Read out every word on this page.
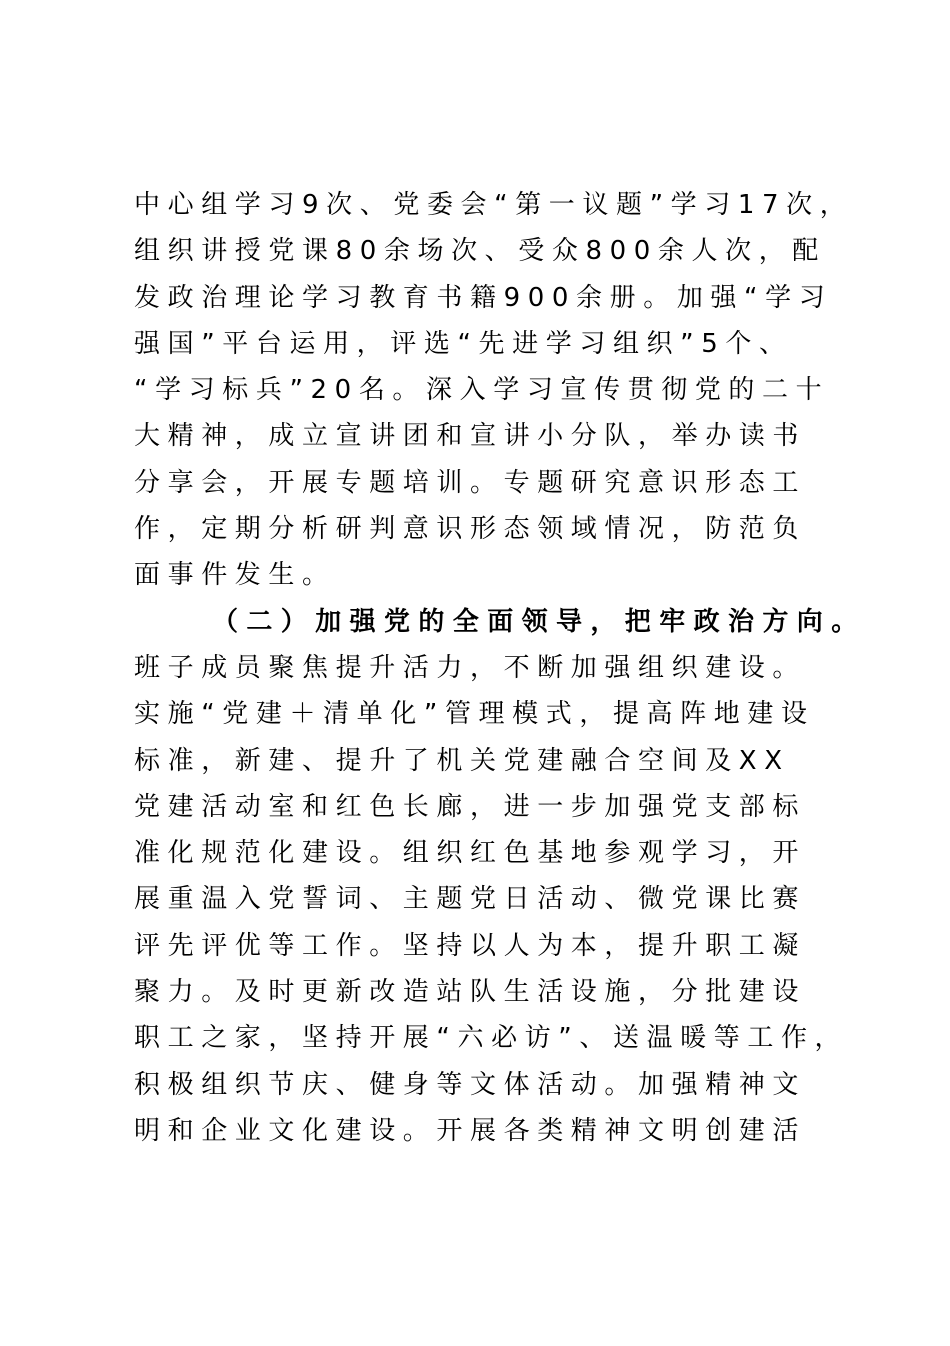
中心组学习9次、党委会“第一议题”学习17次，
组织讲授党课80余场次、受众800余人次，配
发政治理论学习教育书籍900余册。加强“学习
强国”平台运用，评选“先进学习组织”5个、
“学习标兵”20名。深入学习宣传贯彻党的二十
大精神，成立宣讲团和宣讲小分队，举办读书
分享会，开展专题培训。专题研究意识形态工
作，定期分析研判意识形态领域情况，防范负
面事件发生。
（二）加强党的全面领导，把牢政治方向。
班子成员聚焦提升活力，不断加强组织建设。
实施“党建＋清单化”管理模式，提高阵地建设
标准，新建、提升了机关党建融合空间及XX
党建活动室和红色长廊，进一步加强党支部标
准化规范化建设。组织红色基地参观学习，开
展重温入党誓词、主题党日活动、微党课比赛
评先评优等工作。坚持以人为本，提升职工凝
聚力。及时更新改造站队生活设施，分批建设
职工之家，坚持开展“六必访”、送温暖等工作，
积极组织节庆、健身等文体活动。加强精神文
明和企业文化建设。开展各类精神文明创建活
